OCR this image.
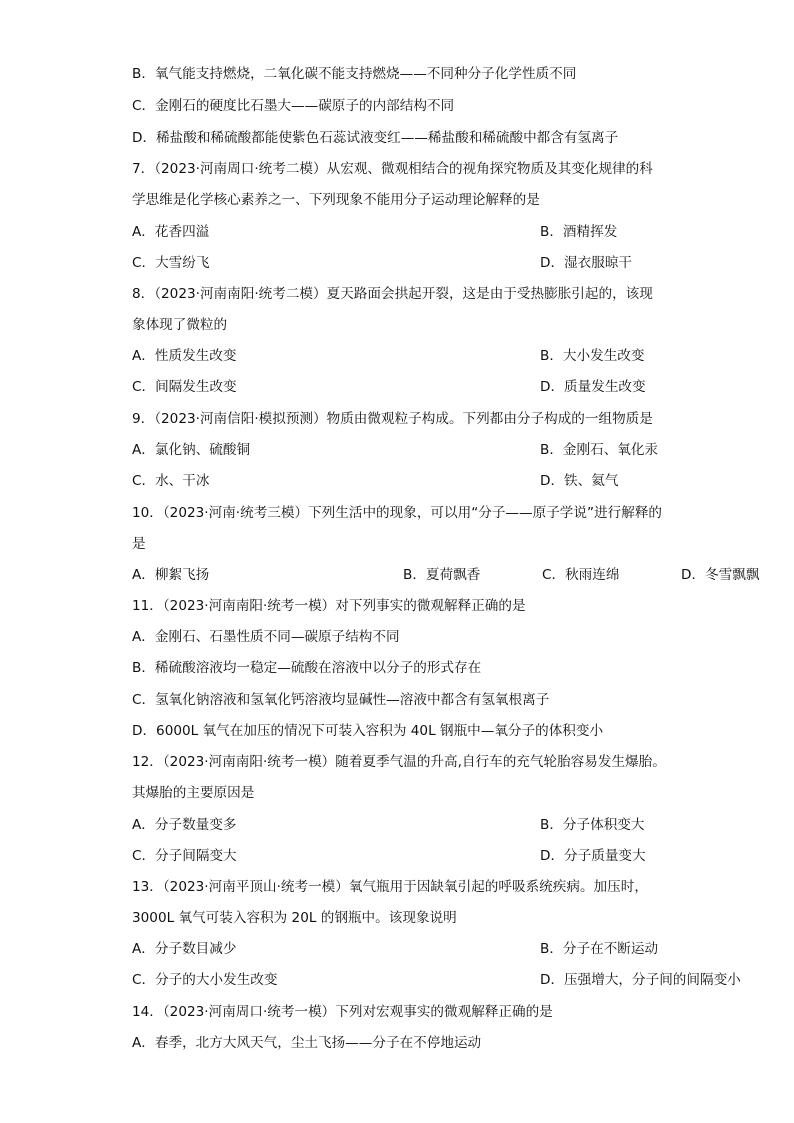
B．氧气能支持燃烧，二氧化碳不能支持燃烧——不同种分子化学性质不同
C．金刚石的硬度比石墨大——碳原子的内部结构不同
D．稀盐酸和稀硫酸都能使紫色石蕊试液变红——稀盐酸和稀硫酸中都含有氢离子
7．（2023·河南周口·统考二模）从宏观、微观相结合的视角探究物质及其变化规律的科
学思维是化学核心素养之一、下列现象不能用分子运动理论解释的是
A．花香四溢	B．酒精挥发
C．大雪纷飞	D．湿衣服晾干
8．（2023·河南南阳·统考二模）夏天路面会拱起开裂，这是由于受热膨胀引起的，该现
象体现了微粒的
A．性质发生改变	B．大小发生改变
C．间隔发生改变	D．质量发生改变
9．（2023·河南信阳·模拟预测）物质由微观粒子构成。下列都由分子构成的一组物质是
A．氯化钠、硫酸铜	B．金刚石、氧化汞
C．水、干冰	D．铁、氦气
10．（2023·河南·统考三模）下列生活中的现象，可以用“分子——原子学说”进行解释的
是
A．柳絮飞扬	B．夏荷飘香	C．秋雨连绵	D．冬雪飘飘
11．（2023·河南南阳·统考一模）对下列事实的微观解释正确的是
A．金刚石、石墨性质不同—碳原子结构不同
B．稀硫酸溶液均一稳定—硫酸在溶液中以分子的形式存在
C．氢氧化钠溶液和氢氧化钙溶液均显碱性—溶液中都含有氢氧根离子
D．6000L 氧气在加压的情况下可装入容积为 40L 钢瓶中—氧分子的体积变小
12．（2023·河南南阳·统考一模）随着夏季气温的升高,自行车的充气轮胎容易发生爆胎。
其爆胎的主要原因是
A．分子数量变多	B．分子体积变大
C．分子间隔变大	D．分子质量变大
13．（2023·河南平顶山·统考一模）氧气瓶用于因缺氧引起的呼吸系统疾病。加压时，
3000L 氧气可装入容积为 20L 的钢瓶中。该现象说明
A．分子数目减少	B．分子在不断运动
C．分子的大小发生改变	D．压强增大，分子间的间隔变小
14．（2023·河南周口·统考一模）下列对宏观事实的微观解释正确的是
A．春季，北方大风天气，尘土飞扬——分子在不停地运动
